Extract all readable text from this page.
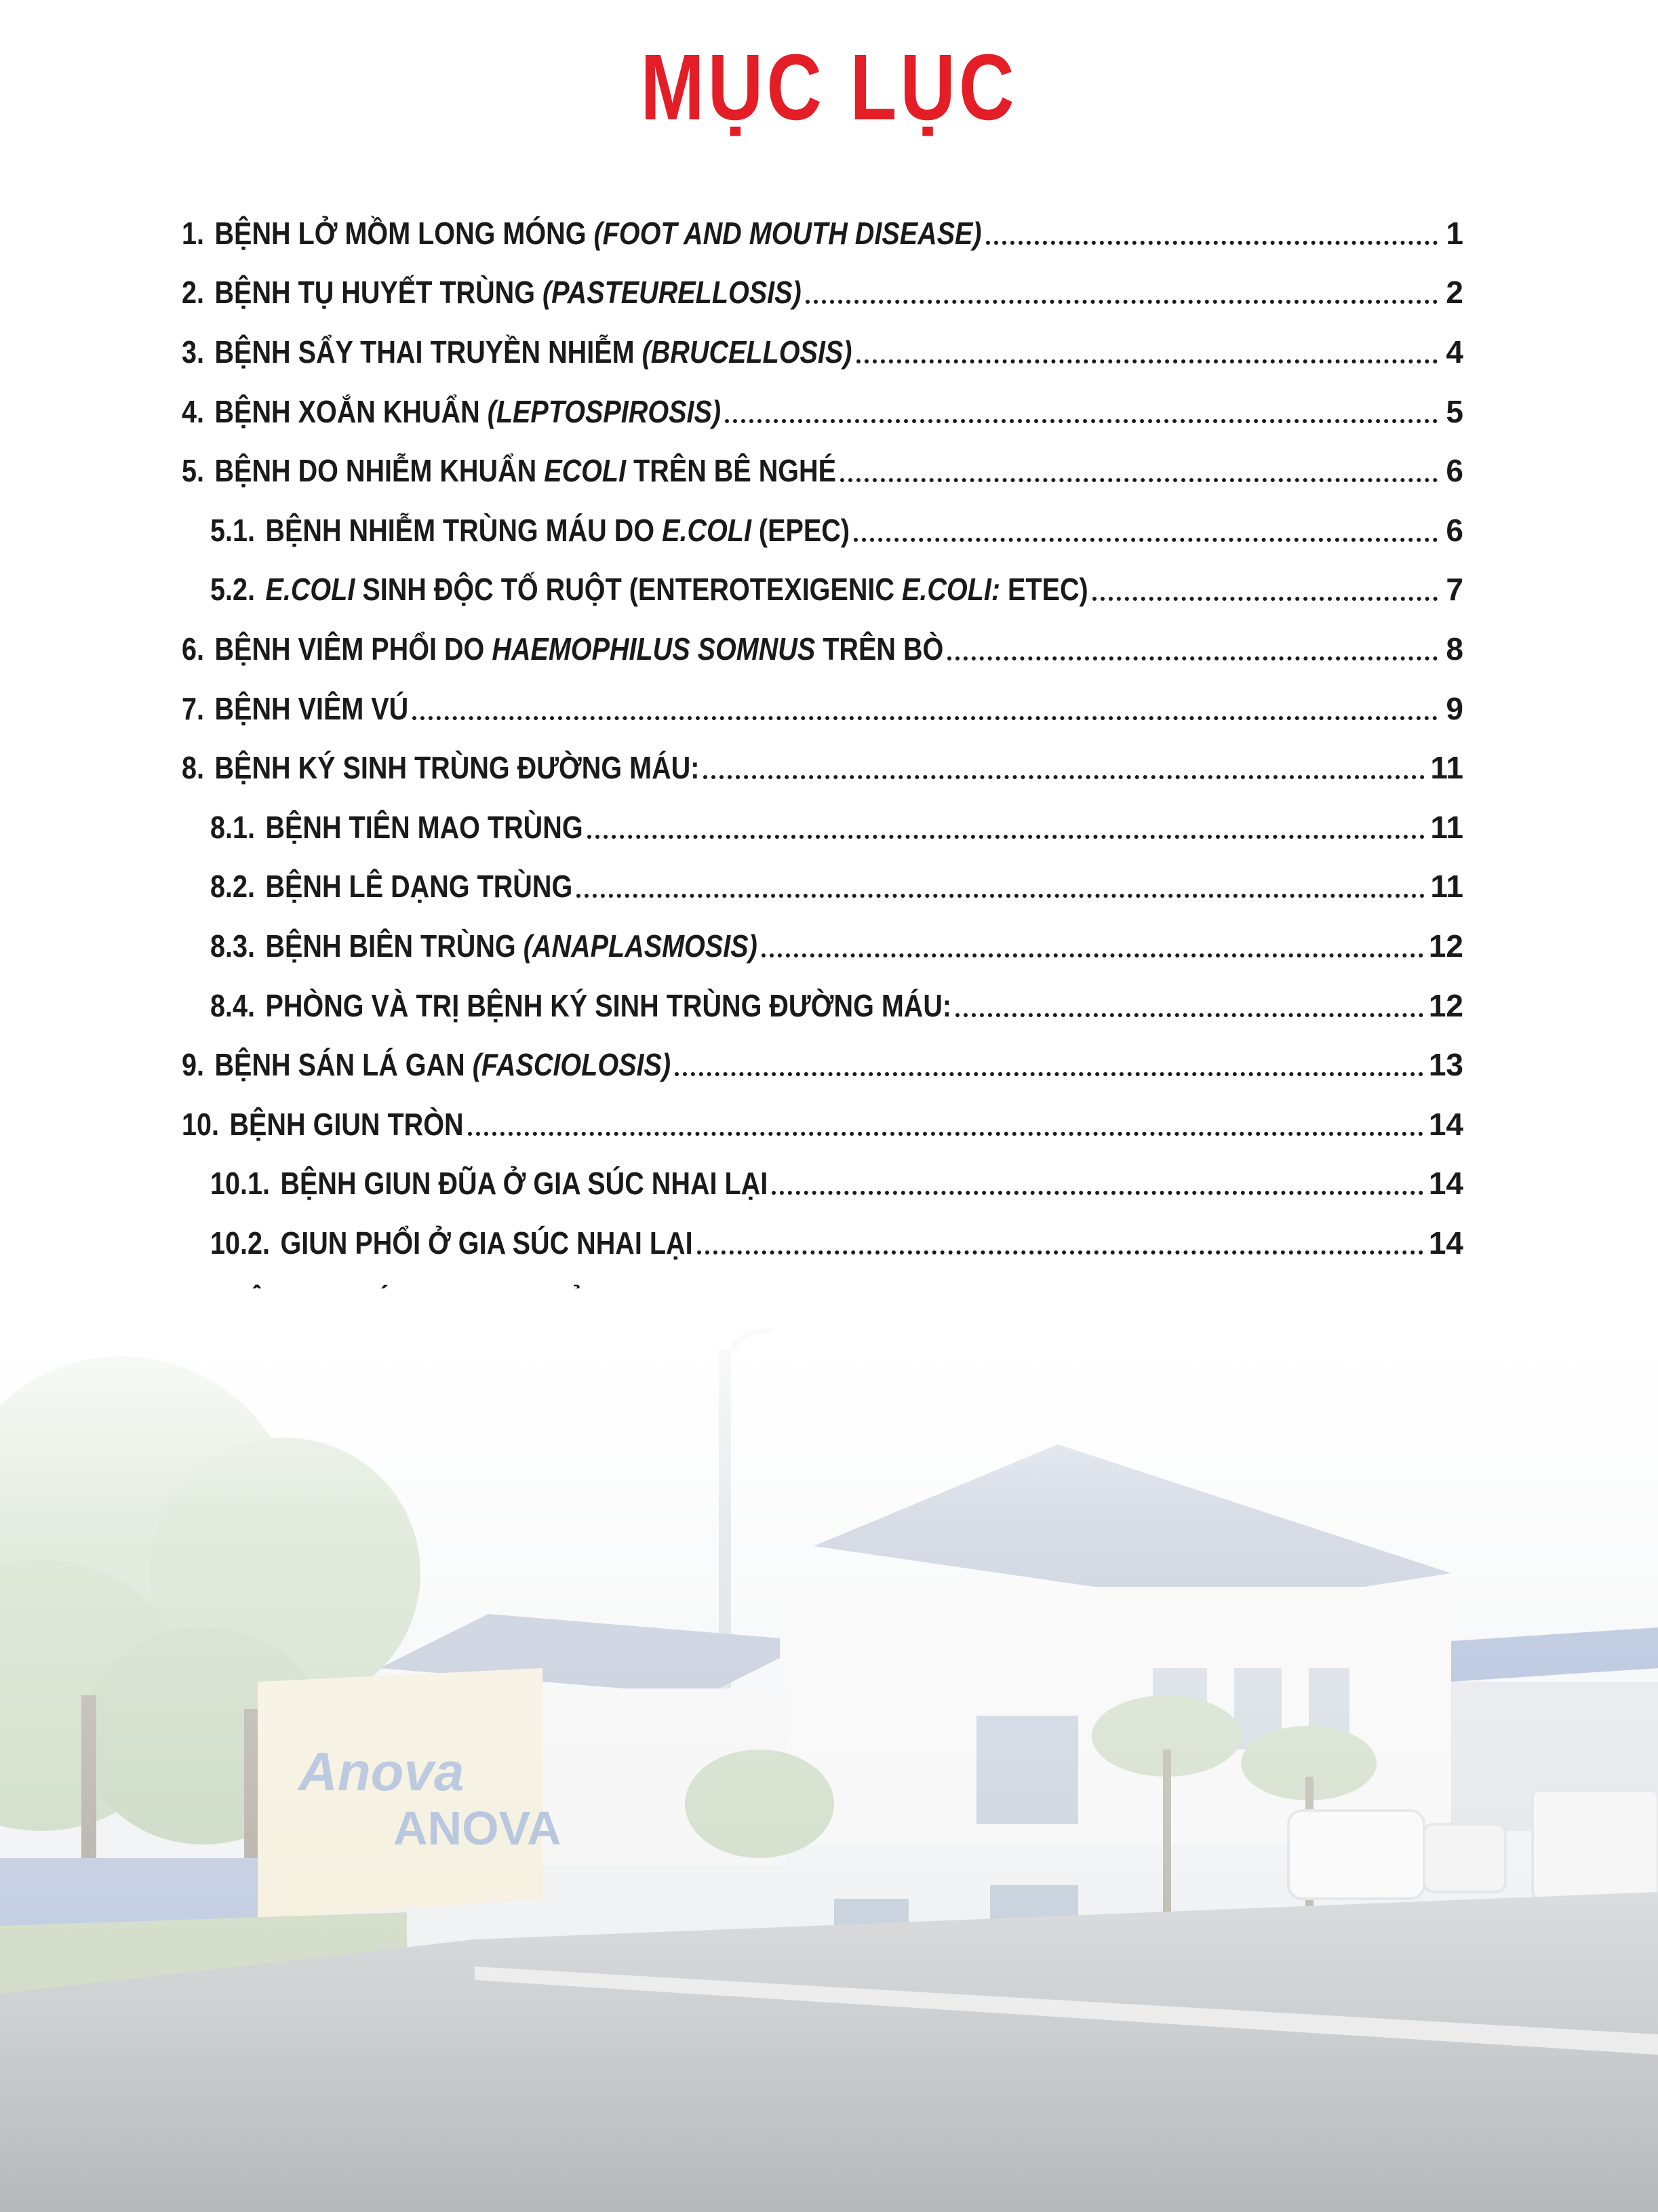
MỤC LỤC
1. BỆNH LỞ MỒM LONG MÓNG (FOOT AND MOUTH DISEASE)	1
2. BỆNH TỤ HUYẾT TRÙNG (PASTEURELLOSIS)	2
3. BỆNH SẨY THAI TRUYỀN NHIỄM (BRUCELLOSIS)	4
4. BỆNH XOẮN KHUẨN (LEPTOSPIROSIS)	5
5. BỆNH DO NHIỄM KHUẨN ECOLI TRÊN BÊ NGHÉ	6
5.1. BỆNH NHIỄM TRÙNG MÁU DO E.COLI (EPEC)	6
5.2. E.COLI SINH ĐỘC TỐ RUỘT (ENTEROTEXIGENIC E.COLI: ETEC)	7
6. BỆNH VIÊM PHỔI DO HAEMOPHILUS SOMNUS TRÊN BÒ	8
7. BỆNH VIÊM VÚ	9
8. BỆNH KÝ SINH TRÙNG ĐƯỜNG MÁU:	11
8.1. BỆNH TIÊN MAO TRÙNG	11
8.2. BỆNH LÊ DẠNG TRÙNG	11
8.3. BỆNH BIÊN TRÙNG (ANAPLASMOSIS)	12
8.4. PHÒNG VÀ TRỊ BỆNH KÝ SINH TRÙNG ĐƯỜNG MÁU:	12
9. BỆNH SÁN LÁ GAN (FASCIOLOSIS)	13
10. BỆNH GIUN TRÒN	14
10.1. BỆNH GIUN ĐŨA Ở GIA SÚC NHAI LẠI	14
10.2. GIUN PHỔI Ở GIA SÚC NHAI LẠI	14
